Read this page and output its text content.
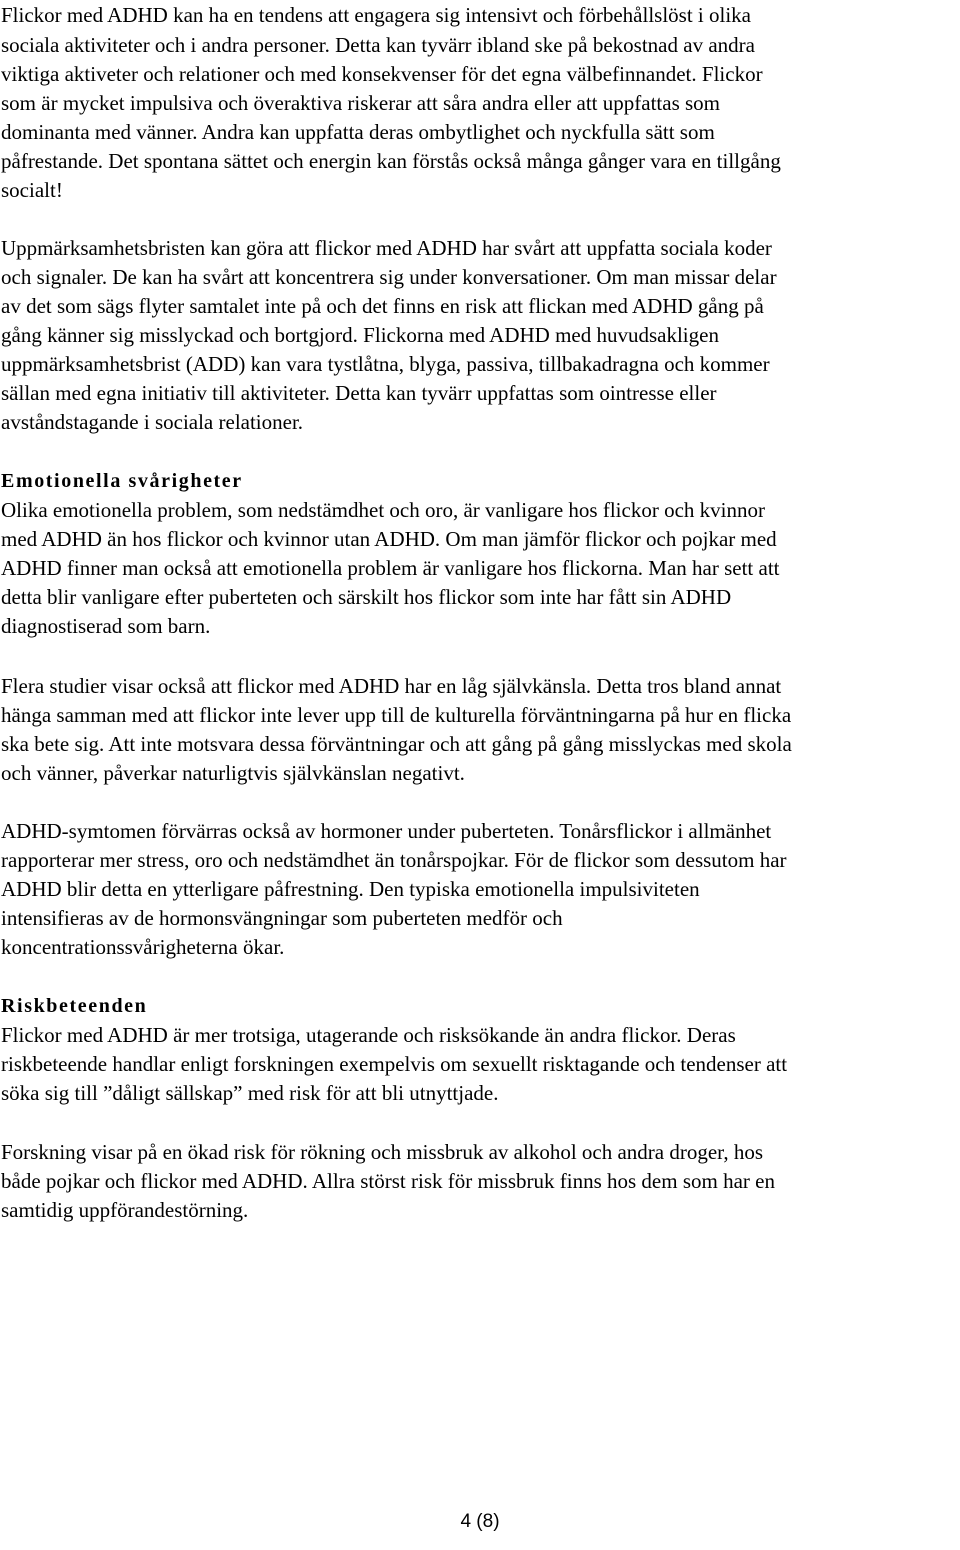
Flickor med ADHD kan ha en tendens att engagera sig intensivt och förbehållslöst i olika
sociala aktiviteter och i andra personer. Detta kan tyvärr ibland ske på bekostnad av andra
viktiga aktiveter och relationer och med konsekvenser för det egna välbefinnandet. Flickor
som är mycket impulsiva och överaktiva riskerar att såra andra eller att uppfattas som
dominanta med vänner. Andra kan uppfatta deras ombytlighet och nyckfulla sätt som
påfrestande. Det spontana sättet och energin kan förstås också många gånger vara en tillgång
socialt!
Uppmärksamhetsbristen kan göra att flickor med ADHD har svårt att uppfatta sociala koder
och signaler. De kan ha svårt att koncentrera sig under konversationer. Om man missar delar
av det som sägs flyter samtalet inte på och det finns en risk att flickan med ADHD gång på
gång känner sig misslyckad och bortgjord. Flickorna med ADHD med huvudsakligen
uppmärksamhetsbrist (ADD) kan vara tystlåtna, blyga, passiva, tillbakadragna och kommer
sällan med egna initiativ till aktiviteter. Detta kan tyvärr uppfattas som ointresse eller
avståndstagande i sociala relationer.
Emotionella svårigheter
Olika emotionella problem, som nedstämdhet och oro, är vanligare hos flickor och kvinnor
med ADHD än hos flickor och kvinnor utan ADHD. Om man jämför flickor och pojkar med
ADHD finner man också att emotionella problem är vanligare hos flickorna. Man har sett att
detta blir vanligare efter puberteten och särskilt hos flickor som inte har fått sin ADHD
diagnostiserad som barn.
Flera studier visar också att flickor med ADHD har en låg självkänsla. Detta tros bland annat
hänga samman med att flickor inte lever upp till de kulturella förväntningarna på hur en flicka
ska bete sig. Att inte motsvara dessa förväntningar och att gång på gång misslyckas med skola
och vänner, påverkar naturligtvis självkänslan negativt.
ADHD-symtomen förvärras också av hormoner under puberteten. Tonårsflickor i allmänhet
rapporterar mer stress, oro och nedstämdhet än tonårspojkar. För de flickor som dessutom har
ADHD blir detta en ytterligare påfrestning. Den typiska emotionella impulsiviteten
intensifieras av de hormonsvängningar som puberteten medför och
koncentrationssvårigheterna ökar.
Riskbeteenden
Flickor med ADHD är mer trotsiga, utagerande och risksökande än andra flickor. Deras
riskbeteende handlar enligt forskningen exempelvis om sexuellt risktagande och tendenser att
söka sig till ”dåligt sällskap” med risk för att bli utnyttjade.
Forskning visar på en ökad risk för rökning och missbruk av alkohol och andra droger, hos
både pojkar och flickor med ADHD. Allra störst risk för missbruk finns hos dem som har en
samtidig uppförandestörning.
4 (8)
